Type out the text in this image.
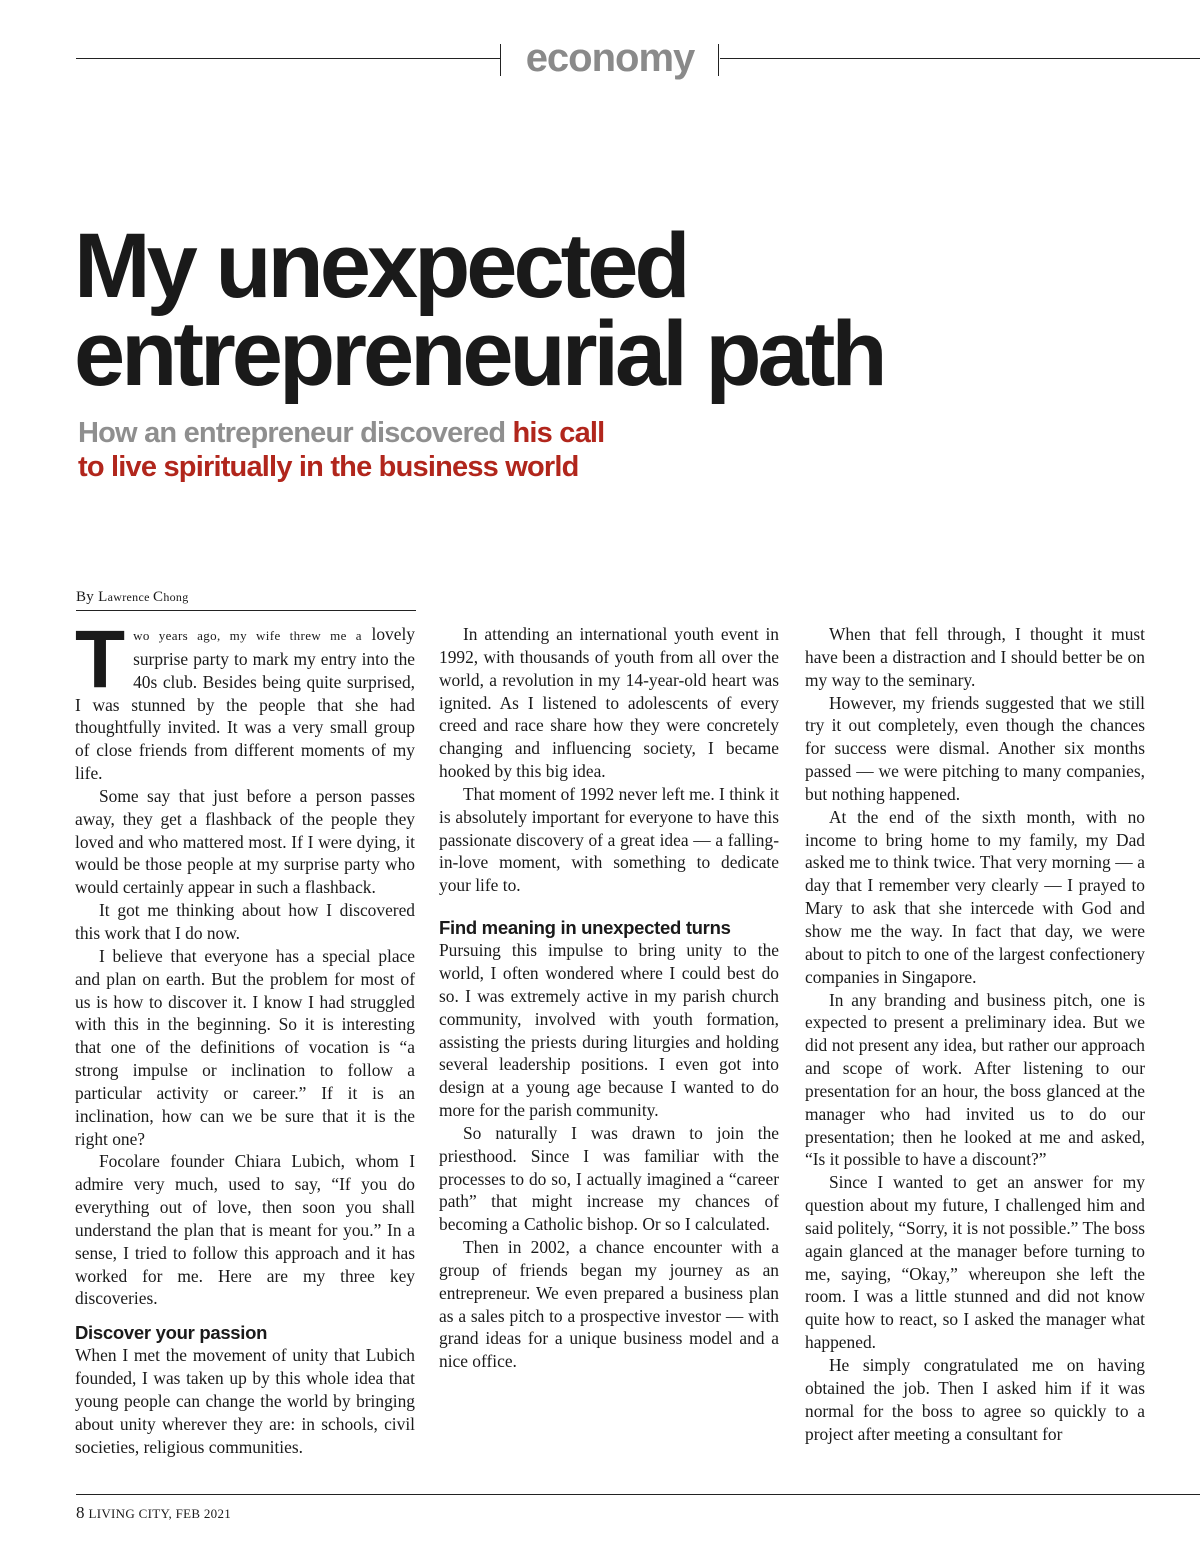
economy
My unexpected
entrepreneurial path

How an entrepreneur discovered his call
to live spiritually in the business world

By Lawrence Chong

Two years ago, my wife threw me a lovely surprise party to mark my entry into the 40s club. Besides being quite surprised, I was stunned by the people that she had thoughtfully invited. It was a very small group of close friends from different moments of my life.

Some say that just before a person passes away, they get a flashback of the people they loved and who mattered most. If I were dying, it would be those people at my surprise party who would certainly appear in such a flashback.

It got me thinking about how I discovered this work that I do now.

I believe that everyone has a special place and plan on earth. But the problem for most of us is how to discover it. I know I had struggled with this in the beginning. So it is interesting that one of the definitions of vocation is “a strong impulse or inclination to follow a particular activity or career.” If it is an inclination, how can we be sure that it is the right one?

Focolare founder Chiara Lubich, whom I admire very much, used to say, “If you do everything out of love, then soon you shall understand the plan that is meant for you.” In a sense, I tried to follow this approach and it has worked for me. Here are my three key discoveries.

Discover your passion

When I met the movement of unity that Lubich founded, I was taken up by this whole idea that young people can change the world by bringing about unity wherever they are: in schools, civil societies, religious communities.

In attending an international youth event in 1992, with thousands of youth from all over the world, a revolution in my 14-year-old heart was ignited. As I listened to adolescents of every creed and race share how they were concretely changing and influencing society, I became hooked by this big idea.

That moment of 1992 never left me. I think it is absolutely important for everyone to have this passionate discovery of a great idea — a falling-in-love moment, with something to dedicate your life to.

Find meaning in unexpected turns

Pursuing this impulse to bring unity to the world, I often wondered where I could best do so. I was extremely active in my parish church community, involved with youth formation, assisting the priests during liturgies and holding several leadership positions. I even got into design at a young age because I wanted to do more for the parish community.

So naturally I was drawn to join the priesthood. Since I was familiar with the processes to do so, I actually imagined a “career path” that might increase my chances of becoming a Catholic bishop. Or so I calculated.

Then in 2002, a chance encounter with a group of friends began my journey as an entrepreneur. We even prepared a business plan as a sales pitch to a prospective investor — with grand ideas for a unique business model and a nice office.

When that fell through, I thought it must have been a distraction and I should better be on my way to the seminary.

However, my friends suggested that we still try it out completely, even though the chances for success were dismal. Another six months passed — we were pitching to many companies, but nothing happened.

At the end of the sixth month, with no income to bring home to my family, my Dad asked me to think twice. That very morning — a day that I remember very clearly — I prayed to Mary to ask that she intercede with God and show me the way. In fact that day, we were about to pitch to one of the largest confectionery companies in Singapore.

In any branding and business pitch, one is expected to present a preliminary idea. But we did not present any idea, but rather our approach and scope of work. After listening to our presentation for an hour, the boss glanced at the manager who had invited us to do our presentation; then he looked at me and asked, “Is it possible to have a discount?”

Since I wanted to get an answer for my question about my future, I challenged him and said politely, “Sorry, it is not possible.” The boss again glanced at the manager before turning to me, saying, “Okay,” whereupon she left the room. I was a little stunned and did not know quite how to react, so I asked the manager what happened.

He simply congratulated me on having obtained the job. Then I asked him if it was normal for the boss to agree so quickly to a project after meeting a consultant for

8 LIVING CITY, FEB 2021
